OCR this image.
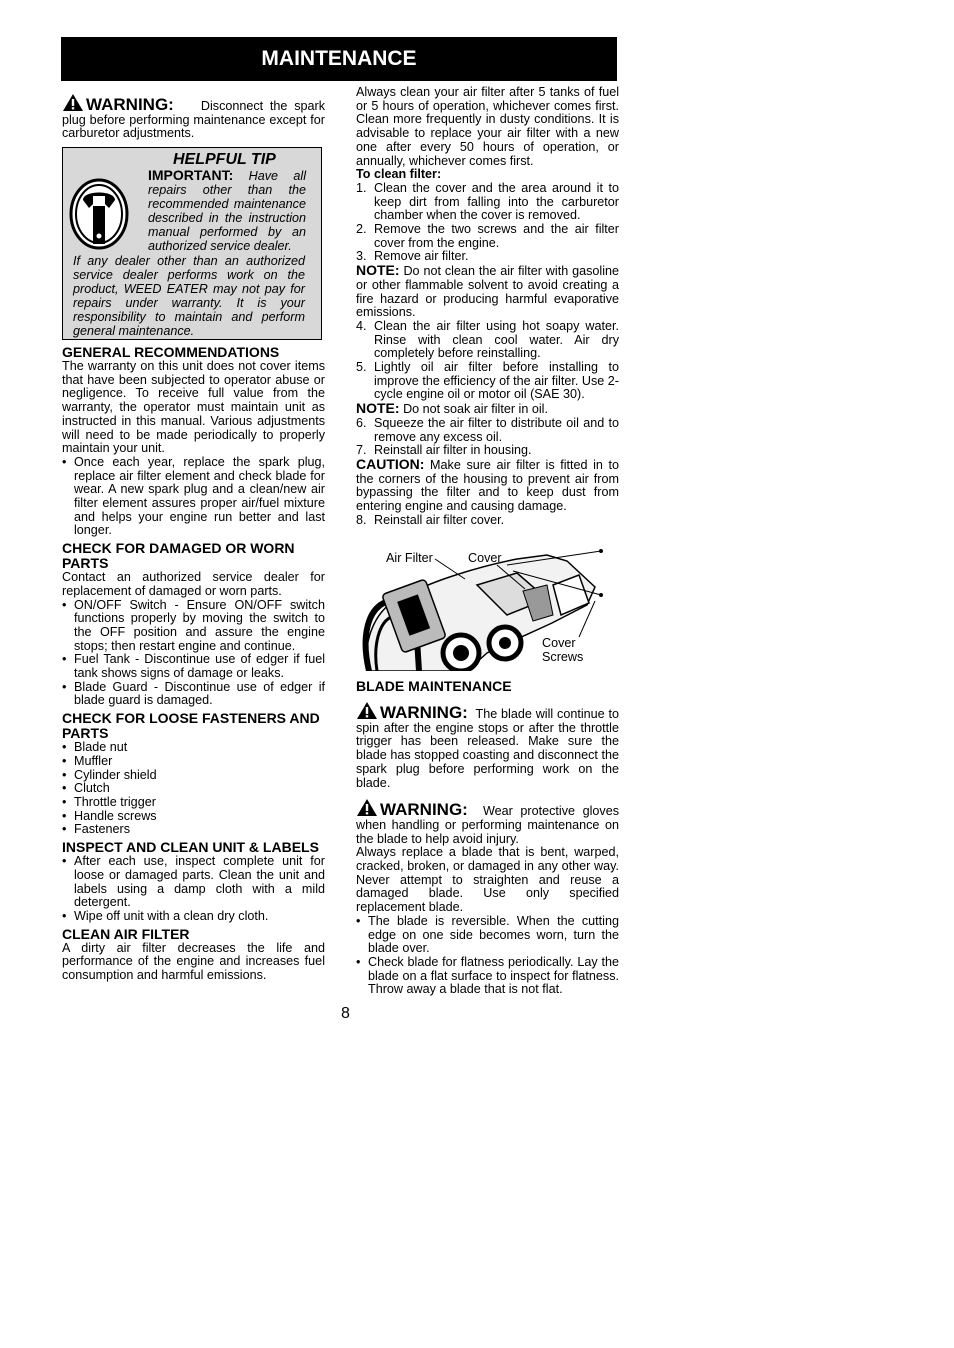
MAINTENANCE

WARNING: Disconnect the spark plug before performing maintenance except for carburetor adjustments.

HELPFUL TIP
IMPORTANT: Have all repairs other than the recommended maintenance described in the instruction manual performed by an authorized service dealer.
If any dealer other than an authorized service dealer performs work on the product, WEED EATER may not pay for repairs under warranty. It is your responsibility to maintain and perform general maintenance.
GENERAL RECOMMENDATIONS

The warranty on this unit does not cover items that have been subjected to operator abuse or negligence. To receive full value from the warranty, the operator must maintain unit as instructed in this manual. Various adjustments will need to be made periodically to properly maintain your unit.

• Once each year, replace the spark plug, replace air filter element and check blade for wear. A new spark plug and a clean/new air filter element assures proper air/fuel mixture and helps your engine run better and last longer.
CHECK FOR DAMAGED OR WORN PARTS

Contact an authorized service dealer for replacement of damaged or worn parts.

• ON/OFF Switch - Ensure ON/OFF switch functions properly by moving the switch to the OFF position and assure the engine stops; then restart engine and continue.
• Fuel Tank - Discontinue use of edger if fuel tank shows signs of damage or leaks.
• Blade Guard - Discontinue use of edger if blade guard is damaged.
CHECK FOR LOOSE FASTENERS AND PARTS
• Blade nut
• Muffler
• Cylinder shield
• Clutch
• Throttle trigger
• Handle screws
• Fasteners
INSPECT AND CLEAN UNIT & LABELS
• After each use, inspect complete unit for loose or damaged parts. Clean the unit and labels using a damp cloth with a mild detergent.
• Wipe off unit with a clean dry cloth.
CLEAN AIR FILTER

A dirty air filter decreases the life and performance of the engine and increases fuel consumption and harmful emissions.

Always clean your air filter after 5 tanks of fuel or 5 hours of operation, whichever comes first. Clean more frequently in dusty conditions. It is advisable to replace your air filter with a new one after every 50 hours of operation, or annually, whichever comes first.

To clean filter:
1. Clean the cover and the area around it to keep dirt from falling into the carburetor chamber when the cover is removed.
2. Remove the two screws and the air filter cover from the engine.
3. Remove air filter.

NOTE: Do not clean the air filter with gasoline or other flammable solvent to avoid creating a fire hazard or producing harmful evaporative emissions.

4. Clean the air filter using hot soapy water. Rinse with clean cool water. Air dry completely before reinstalling.
5. Lightly oil air filter before installing to improve the efficiency of the air filter. Use 2-cycle engine oil or motor oil (SAE 30).

NOTE: Do not soak air filter in oil.

6. Squeeze the air filter to distribute oil and to remove any excess oil.
7. Reinstall air filter in housing.

CAUTION: Make sure air filter is fitted in to the corners of the housing to prevent air from bypassing the filter and to keep dust from entering engine and causing damage.

8. Reinstall air filter cover.
Air Filter	Cover
Cover
Screws
BLADE MAINTENANCE

WARNING: The blade will continue to spin after the engine stops or after the throttle trigger has been released. Make sure the blade has stopped coasting and disconnect the spark plug before performing work on the blade.

WARNING: Wear protective gloves when handling or performing maintenance on the blade to help avoid injury.

Always replace a blade that is bent, warped, cracked, broken, or damaged in any other way. Never attempt to straighten and reuse a damaged blade. Use only specified replacement blade.

• The blade is reversible. When the cutting edge on one side becomes worn, turn the blade over.
• Check blade for flatness periodically. Lay the blade on a flat surface to inspect for flatness. Throw away a blade that is not flat.
8
